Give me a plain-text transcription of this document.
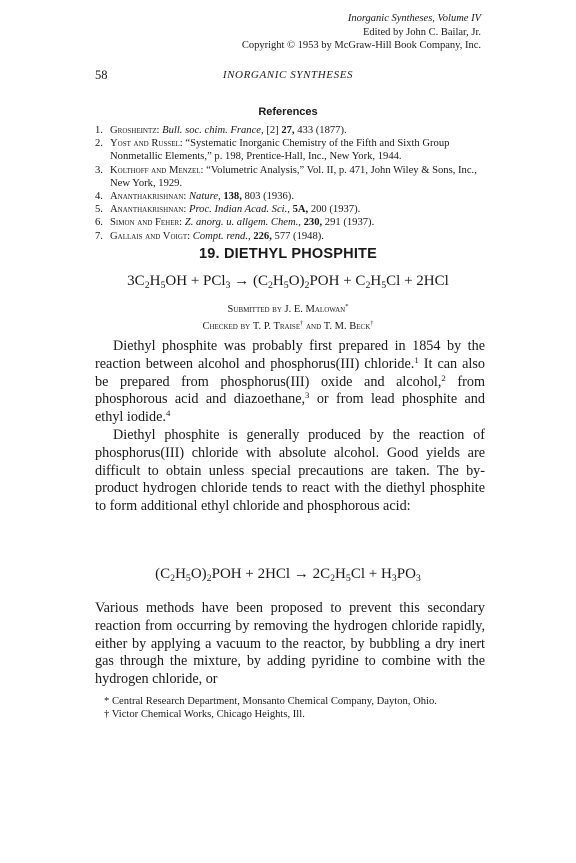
Inorganic Syntheses, Volume IV
Edited by John C. Bailar, Jr.
Copyright © 1953 by McGraw-Hill Book Company, Inc.
58	INORGANIC SYNTHESES
References
1. Grosheintz: Bull. soc. chim. France, [2] 27, 433 (1877).
2. Yost and Russel: “Systematic Inorganic Chemistry of the Fifth and Sixth Group Nonmetallic Elements,” p. 198, Prentice-Hall, Inc., New York, 1944.
3. Kolthoff and Menzel: “Volumetric Analysis,” Vol. II, p. 471, John Wiley & Sons, Inc., New York, 1929.
4. Ananthakrishnan: Nature, 138, 803 (1936).
5. Ananthakrishnan: Proc. Indian Acad. Sci., 5A, 200 (1937).
6. Simon and Feher: Z. anorg. u. allgem. Chem., 230, 291 (1937).
7. Gallais and Voigt: Compt. rend., 226, 577 (1948).
19. DIETHYL PHOSPHITE
$3C_2H_5OH + PCl_3 \to (C_2H_5O)_2POH + C_2H_5Cl + 2HCl$
Submitted by J. E. Malowan*
Checked by T. P. Traise† and T. M. Beck†

Diethyl phosphite was probably first prepared in 1854 by the reaction between alcohol and phosphorus(III) chloride.$^1$ It can also be prepared from phosphorus(III) oxide and alcohol,$^2$ from phosphorous acid and diazoethane,$^3$ or from lead phosphite and ethyl iodide.$^4$

Diethyl phosphite is generally produced by the reaction of phosphorus(III) chloride with absolute alcohol. Good yields are difficult to obtain unless special precautions are taken. The by-product hydrogen chloride tends to react with the diethyl phosphite to form additional ethyl chloride and phosphorous acid:

$(C_2H_5O)_2POH + 2HCl \to 2C_2H_5Cl + H_3PO_3$

Various methods have been proposed to prevent this secondary reaction from occurring by removing the hydrogen chloride rapidly, either by applying a vacuum to the reactor, by bubbling a dry inert gas through the mixture, by adding pyridine to combine with the hydrogen chloride, or

* Central Research Department, Monsanto Chemical Company, Dayton, Ohio.

† Victor Chemical Works, Chicago Heights, Ill.
